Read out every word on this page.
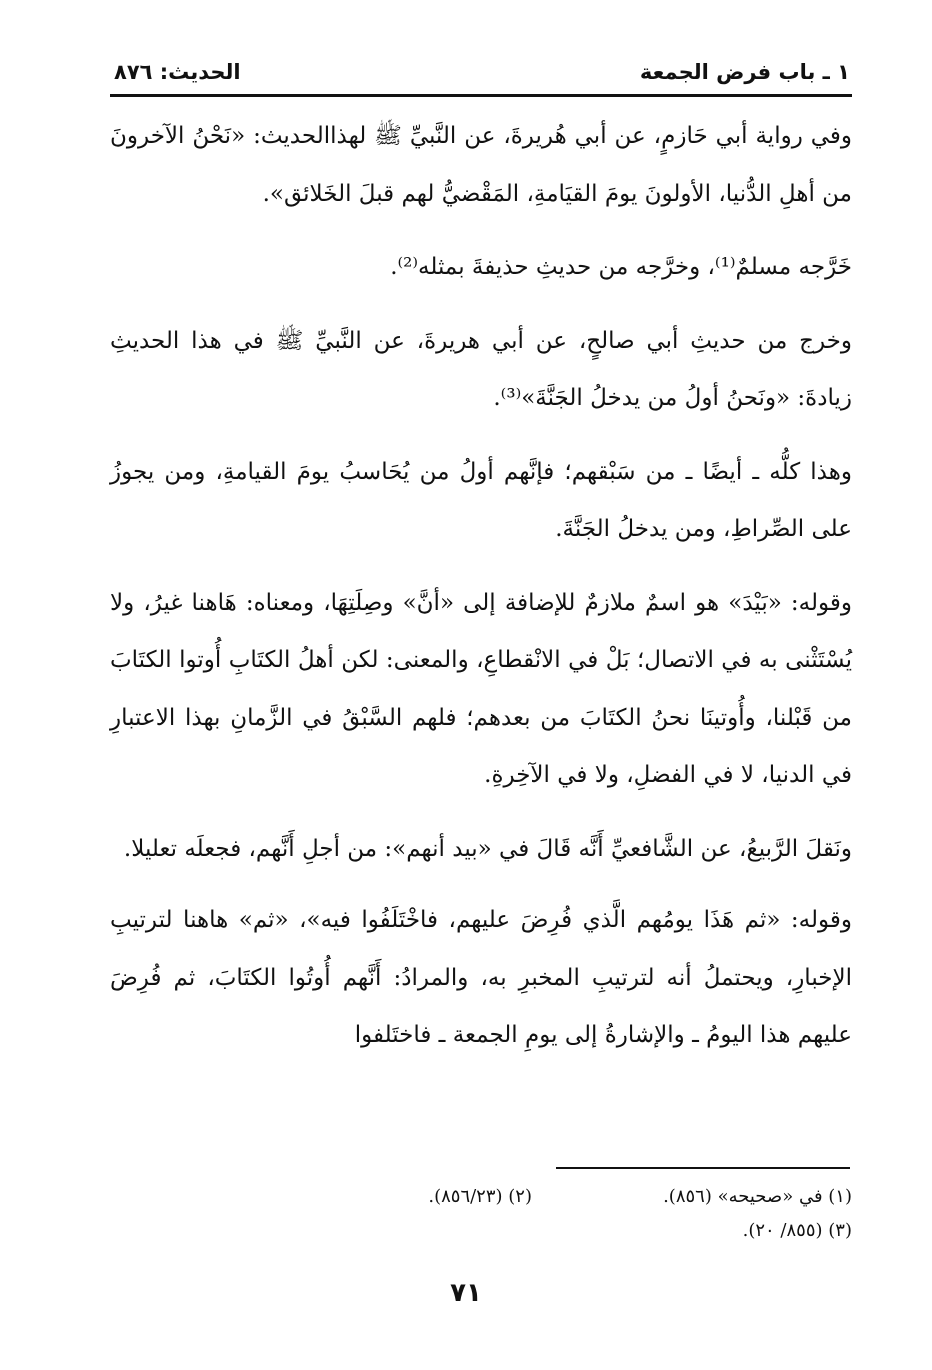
١ ـ باب فرض الجمعة
الحديث: ٨٧٦

وفي رواية أبي حَازمٍ، عن أبي هُريرةَ، عن النَّبيِّ ﷺ لهذاالحديث: «نَحْنُ الآخرونَ من أهلِ الدُّنيا، الأولونَ يومَ القيَامةِ، المَقْضيُّ لهم قبلَ الخَلائق».

خَرَّجه مسلمٌ⁽¹⁾، وخرَّجه من حديثِ حذيفةَ بمثله⁽²⁾.

وخرج من حديثِ أبي صالحٍ، عن أبي هريرةَ، عن النَّبيِّ ﷺ في هذا الحديثِ زيادةَ: «ونَحنُ أولُ من يدخلُ الجَنَّةَ»⁽³⁾.

وهذا كلُّه ـ أيضًا ـ من سَبْقهم؛ فإنَّهم أولُ من يُحَاسبُ يومَ القيامةِ، ومن يجوزُ على الصِّراطِ، ومن يدخلُ الجَنَّةَ.

وقوله: «بَيْدَ» هو اسمٌ ملازمٌ للإضافة إلى «أنَّ» وصِلَتِهَا، ومعناه: هَاهنا غيرُ، ولا يُسْتَثْنى به في الاتصال؛ بَلْ في الانْقطاعِ، والمعنى: لكن أهلُ الكتَابِ أُوتوا الكتَابَ من قَبْلنا، وأُوتينَا نحنُ الكتَابَ من بعدهم؛ فلهم السَّبْقُ في الزَّمانِ بهذا الاعتبارِ في الدنيا، لا في الفضلِ، ولا في الآخِرةِ.

ونَقلَ الرَّبيعُ، عن الشَّافعيِّ أَنَّه قَالَ في «بيد أنهم»: من أجلِ أَنَّهم، فجعلَه تعليلا.

وقوله: «ثم هَذَا يومُهم الَّذي فُرِضَ عليهم، فاخْتَلَفُوا فيه»، «ثم» هاهنا لترتيبِ الإخبارِ، ويحتملُ أنه لترتيبِ المخبرِ به، والمرادُ: أَنَّهم أُوتُوا الكتَابَ، ثم فُرِضَ عليهم هذا اليومُ ـ والإشارةُ إلى يومِ الجمعة ـ فاختَلفوا

(١) في «صحيحه» (٨٥٦).
(٢) (٨٥٦/٢٣).
(٣) (٨٥٥/ ٢٠).
٧١
